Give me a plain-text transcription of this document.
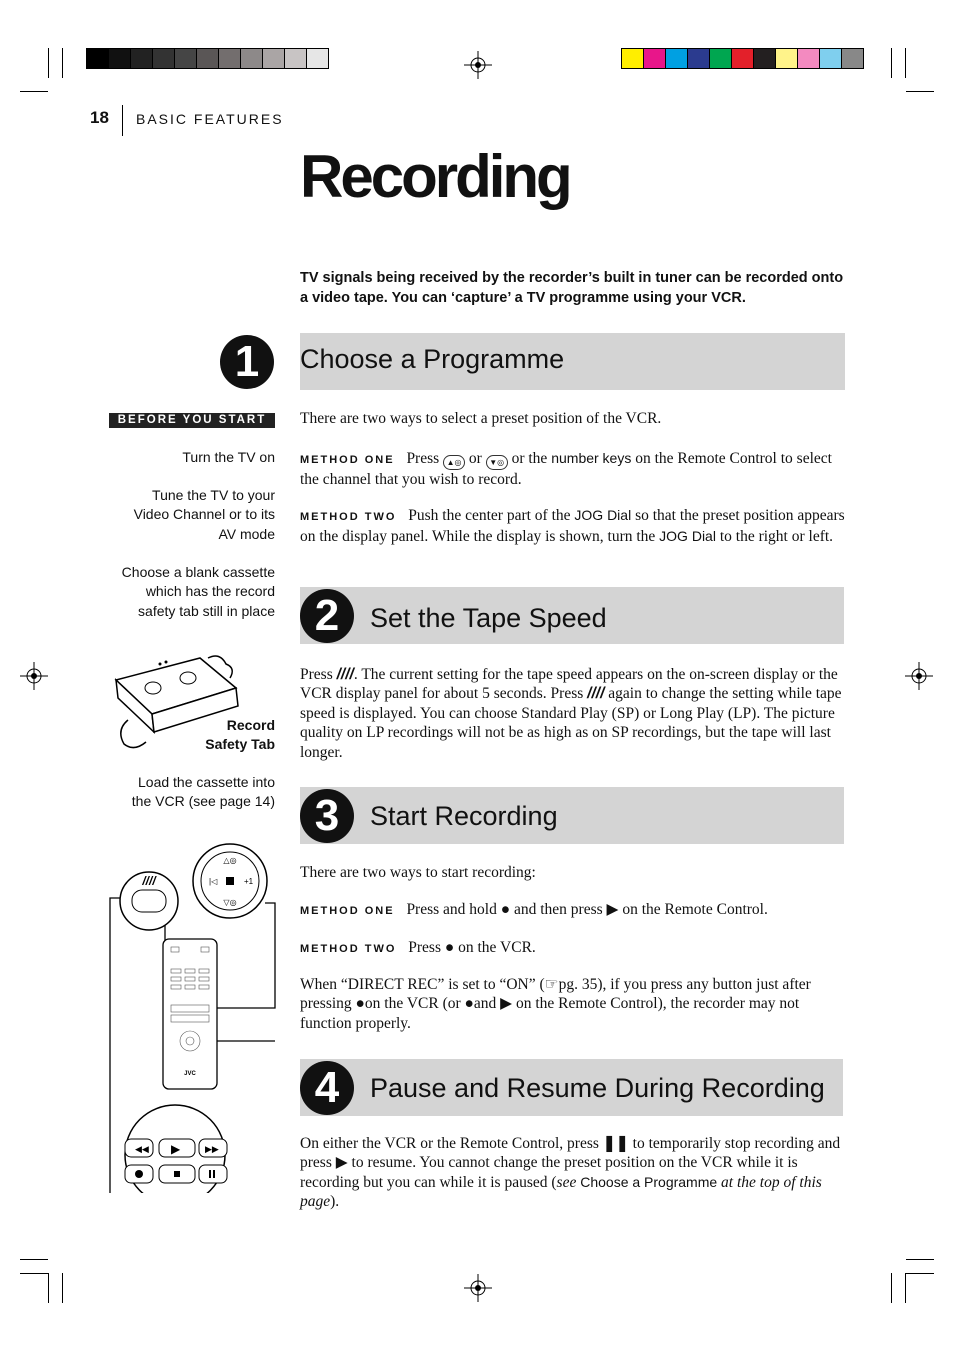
18 BASIC FEATURES
Recording
TV signals being received by the recorder’s built in tuner can be recorded onto a video tape. You can ‘capture’ a TV programme using your VCR.
1	Choose a Programme
There are two ways to select a preset position of the VCR.
METHOD ONE Press ▲◎ or ▼◎ or the number keys on the Remote Control to select the channel that you wish to record.
METHOD TWO Push the center part of the JOG Dial so that the preset position appears on the display panel. While the display is shown, turn the JOG Dial to the right or left.
2	Set the Tape Speed
Press //‍//. The current setting for the tape speed appears on the on-screen display or the VCR display panel for about 5 seconds. Press //‍// again to change the setting while tape speed is displayed. You can choose Standard Play (SP) or Long Play (LP). The picture quality on LP recordings will not be as high as on SP recordings, but the tape will last longer.
3	Start Recording
There are two ways to start recording:
METHOD ONE Press and hold ● and then press ▶ on the Remote Control.
METHOD TWO Press ● on the VCR.
When “DIRECT REC” is set to “ON” (☞pg. 35), if you press any button just after pressing ●on the VCR (or ●and ▶ on the Remote Control), the recorder may not function properly.
4	Pause and Resume During Recording
On either the VCR or the Remote Control, press ❚❚ to temporarily stop recording and press ▶ to resume. You cannot change the preset position on the VCR while it is recording but you can while it is paused (see Choose a Programme at the top of this page).
BEFORE YOU START
Turn the TV on
Tune the TV to your Video Channel or to its AV mode
Choose a blank cassette which has the record safety tab still in place
Record Safety Tab
Load the cassette into the VCR (see page 14)
//‍//
△◎
▽◎
|◁	+1
JVC
◀◀ ▶	▶▶
